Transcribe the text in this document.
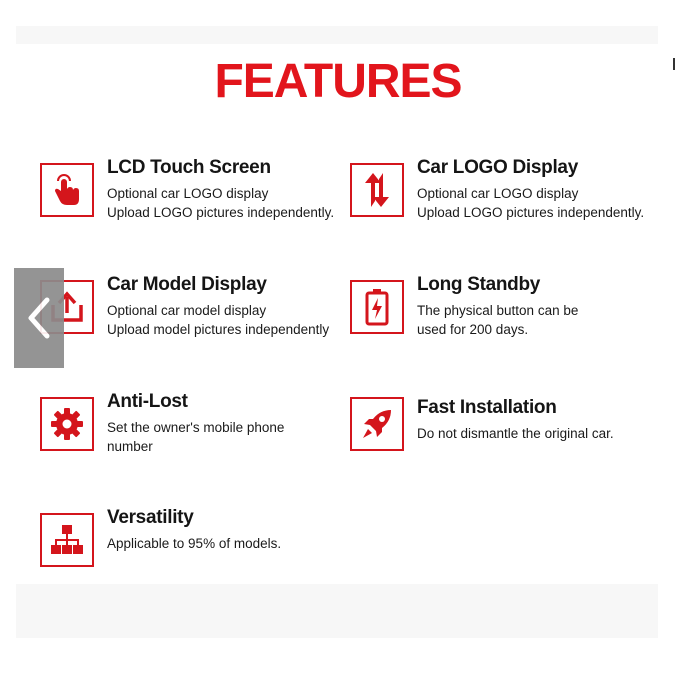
FEATURES

LCD Touch Screen

Optional car LOGO display

Upload LOGO pictures independently.

Car LOGO Display

Optional car LOGO display

Upload LOGO pictures independently.

Car Model Display

Optional car model display

Upload model pictures independently

Long Standby

The physical button can be

used for 200 days.

Anti-Lost

Set the owner's mobile phone

number

Fast Installation

Do not dismantle the original car.

Versatility

Applicable to 95% of models.
